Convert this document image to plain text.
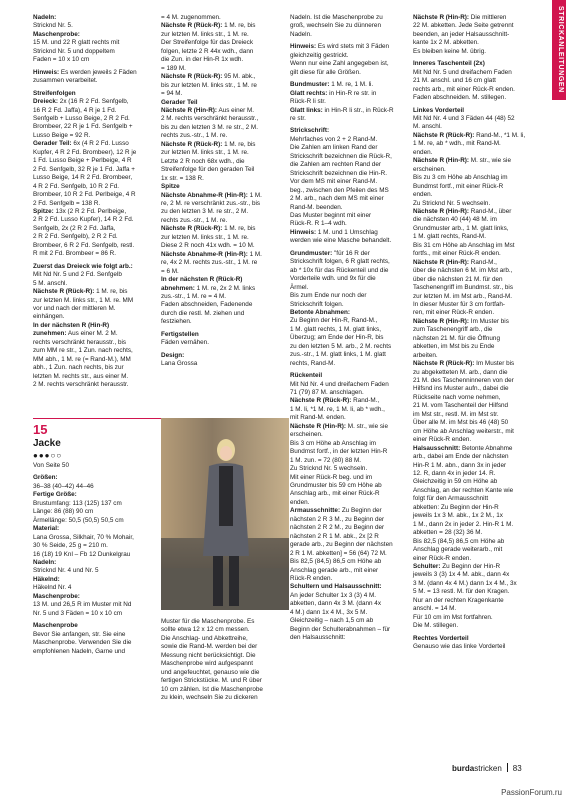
STRICKANLEITUNGEN

Nadeln:
Stricknd Nr. 5.
Maschenprobe:
15 M. und 22 R glatt rechts mit
Stricknd Nr. 5 und doppeltem
Faden = 10 x 10 cm

Hinweis: Es werden jeweils 2 Fäden
zusammen verarbeitet.

Streifenfolgen
Dreieck: 2x (16 R 2 Fd. Senfgelb,
16 R 2 Fd. Jaffa), 4 R je 1 Fd.
Senfgelb + Lusso Beige, 2 R 2 Fd.
Brombeer, 22 R je 1 Fd. Senfgelb +
Lusso Beige = 92 R.
Gerader Teil: 6x (4 R 2 Fd. Lusso
Kupfer, 4 R 2 Fd. Brombeer), 12 R je
1 Fd. Lusso Beige + Perlbeige, 4 R
2 Fd. Senfgelb, 32 R je 1 Fd. Jaffa +
Lusso Beige, 14 R 2 Fd. Brombeer,
4 R 2 Fd. Senfgelb, 10 R 2 Fd.
Brombeer, 10 R 2 Fd. Perlbeige, 4 R
2 Fd. Senfgelb = 138 R.
Spitze: 13x (2 R 2 Fd. Perlbeige,
2 R 2 Fd. Lusso Kupfer), 14 R 2 Fd.
Senfgelb, 2x (2 R 2 Fd. Jaffa,
2 R 2 Fd. Senfgelb), 2 R 2 Fd.
Brombeer, 6 R 2 Fd. Senfgelb, restl.
R mit 2 Fd. Brombeer = 86 R.

Zuerst das Dreieck wie folgt arb.:
Mit Nd Nr. 5 und 2 Fd. Senfgelb
5 M. anschl.
Nächste R (Rück-R): 1 M. re, bis
zur letzten M. links str., 1 M. re. MM
vor und nach der mittleren M.
einhängen.
In der nächsten R (Hin-R)
zunehmen: Aus einer M. 2 M.
rechts verschränkt herausstr., bis
zum MM re str., 1 Zun. nach rechts,
MM abh., 1 M. re (= Rand-M.), MM
abh., 1 Zun. nach rechts, bis zur
letzten M. rechts str., aus einer M.
2 M. rechts verschränkt herausstr.

15
Jacke
●●●○○
Von Seite 50

Größen:
36–38 (40–42) 44–46
Fertige Größe:
Brustumfang: 113 (125) 137 cm
Länge: 86 (88) 90 cm
Ärmellänge: 50,5 (50,5) 50,5 cm
Material:
Lana Grossa, Silkhair, 70 % Mohair,
30 % Seide, 25 g = 210 m.
16 (18) 19 Knl – Fb 12 Dunkelgrau
Nadeln:
Stricknd Nr. 4 und Nr. 5
Häkelnd:
Häkelnd Nr. 4
Maschenprobe:
13 M. und 26,5 R im Muster mit Nd
Nr. 5 und 3 Fäden = 10 x 10 cm

Maschenprobe
Bevor Sie anfangen, str. Sie eine
Maschenprobe. Verwenden Sie die
empfohlenen Nadeln, Garne und

= 4 M. zugenommen.
Nächste R (Rück-R): 1 M. re, bis
zur letzten M. links str., 1 M. re.
Der Streifenfolge für das Dreieck
folgen, letzte 2 R 44x wdh., dann
die Zun. in der Hin-R 1x wdh.
= 189 M.
Nächste R (Rück-R): 95 M. abk.,
bis zur letzten M. links str., 1 M. re
= 94 M.
Gerader Teil
Nächste R (Hin-R): Aus einer M.
2 M. rechts verschränkt herausstr.,
bis zu den letzten 3 M. re str., 2 M.
rechts zus.-str., 1 M. re.
Nächste R (Rück-R): 1 M. re, bis
zur letzten M. links str., 1 M. re.
Letzte 2 R noch 68x wdh., die
Streifenfolge für den geraden Teil
1x str. = 138 R.
Spitze
Nächste Abnahme-R (Hin-R): 1 M.
re, 2 M. re verschränkt zus.-str., bis
zu den letzten 3 M. re str., 2 M.
rechts zus.-str., 1 M. re.
Nächste R (Rück-R): 1 M. re, bis
zur letzten M. links str., 1 M. re.
Diese 2 R noch 41x wdh. = 10 M.
Nächste Abnahme-R (Hin-R): 1 M.
re, 4x 2 M. rechts zus.-str., 1 M. re
= 6 M.
In der nächsten R (Rück-R)
abnehmen: 1 M. re, 2x 2 M. links
zus.-str., 1 M. re = 4 M.
Faden abschneiden, Fadenende
durch die restl. M. ziehen und
festziehen.

Fertigstellen
Fäden vernähen.

Design:
Lana Grossa

Muster für die Maschenprobe. Es
sollte etwa 12 x 12 cm messen.
Die Anschlag- und Abkettreihe,
sowie die Rand-M. werden bei der
Messung nicht berücksichtigt. Die
Maschenprobe wird aufgespannt
und angefeuchtet, genauso wie die
fertigen Strickstücke. M. und R über
10 cm zählen. Ist die Maschenprobe
zu klein, wechseln Sie zu dickeren

Nadeln. Ist die Maschenprobe zu
groß, wechseln Sie zu dünneren
Nadeln.

Hinweis: Es wird stets mit 3 Fäden
gleichzeitig gestrickt.
Wenn nur eine Zahl angegeben ist,
gilt diese für alle Größen.

Bundmuster: 1 M. re, 1 M. li.
Glatt rechts: in Hin-R re str. in
Rück-R li str.
Glatt links: in Hin-R li str., in Rück-R
re str.

Strickschrift:
Mehrfaches von 2 + 2 Rand-M.
Die Zahlen am linken Rand der
Strickschrift bezeichnen die Rück-R,
die Zahlen am rechten Rand der
Strickschrift bezeichnen die Hin-R.
Vor dem MS mit einer Rand-M.
beg., zwischen den Pfeilen des MS
2 M. arb., nach dem MS mit einer
Rand-M. beenden.
Das Muster beginnt mit einer
Rück-R. R 1–4 wdh.
Hinweis: 1 M. und 1 Umschlag
werden wie eine Masche behandelt.

Grundmuster: "für 16 R der
Strickschrift folgen, 6 R glatt rechts,
ab * 10x für das Rückenteil und die
Vorderteile wdh. und 9x für die
Ärmel.
Bis zum Ende nur noch der
Strickschrift folgen.
Betonte Abnahmen:
Zu Beginn der Hin-R, Rand-M.,
1 M. glatt rechts, 1 M. glatt links,
Überzug; am Ende der Hin-R, bis
zu den letzten 5 M. arb., 2 M. rechts
zus.-str., 1 M. glatt links, 1 M. glatt
rechts, Rand-M.

Rückenteil
Mit Nd Nr. 4 und dreifachem Faden
71 (79) 87 M. anschlagen.
Nächste R (Rück-R): Rand-M.,
1 M. li, *1 M. re, 1 M. li, ab * wdh.,
mit Rand-M. enden.
Nächste R (Hin-R): M. str., wie sie
erscheinen.
Bis 3 cm Höhe ab Anschlag im
Bundmst fortf., in der letzten Hin-R
1 M. zun. = 72 (80) 88 M.
Zu Stricknd Nr. 5 wechseln.
Mit einer Rück-R beg. und im
Grundmuster bis 59 cm Höhe ab
Anschlag arb., mit einer Rück-R
enden.
Armausschnitte: Zu Beginn der
nächsten 2 R 3 M., zu Beginn der
nächsten 2 R 2 M., zu Beginn der
nächsten 2 R 1 M. abk., 2x [2 R
gerade arb., zu Beginn der nächsten
2 R 1 M. abketten] = 56 (64) 72 M.
Bis 82,5 (84,5) 86,5 cm Höhe ab
Anschlag gerade arb., mit einer
Rück-R enden.
Schultern und Halsausschnitt:
An jeder Schulter 1x 3 (3) 4 M.
abketten, dann 4x 3 M. (dann 4x
4 M.) dann 1x 4 M., 3x 5 M.
Gleichzeitig – nach 1,5 cm ab
Beginn der Schulterabnahmen – für
den Halsausschnitt:

Nächste R (Hin-R): Die mittleren
22 M. abketten. Jede Seite getrennt
beenden, an jeder Halsausschnitt-
kante 1x 2 M. abketten.
Es bleiben keine M. übrig.

Inneres Taschenteil (2x)
Mit Nd Nr. 5 und dreifachem Faden
21 M. anschl. und 16 cm glatt
rechts arb., mit einer Rück-R enden.
Faden abschneiden. M. stillegen.

Linkes Vorderteil
Mit Nd Nr. 4 und 3 Fäden 44 (48) 52
M. anschl.
Nächste R (Rück-R): Rand-M., *1 M. li,
1 M. re, ab * wdh., mit Rand-M.
enden.
Nächste R (Hin-R): M. str., wie sie
erscheinen.
Bis zu 3 cm Höhe ab Anschlag im
Bundmst fortf., mit einer Rück-R
enden.
Zu Stricknd Nr. 5 wechseln.
Nächste R (Hin-R): Rand-M., über
die nächsten 40 (44) 48 M. im
Grundmuster arb., 1 M. glatt links,
1 M. glatt rechts, Rand-M.
Bis 31 cm Höhe ab Anschlag im Mst
fortfs., mit einer Rück-R enden.
Nächste R (Hin-R): Rand-M.,
über die nächsten 6 M. im Mst arb.,
über die nächsten 21 M. für den
Taschenengriff im Bundmst. str., bis
zur letzten M. im Mst arb., Rand-M.
In dieser Muster für 3 cm fortfah-
ren, mit einer Rück-R enden.
Nächste R (Hin-R): Im Muster bis
zum Taschenengriff arb., die
nächsten 21 M. für die Öffnung
abketten, im Mst bis zu Ende
arbeiten.
Nächste R (Rück-R): Im Muster bis
zu abgeketteten M. arb., dann die
21 M. des Taschenninneren von der
Hilfsnd ins Muster aufn., dabei die
Rückseite nach vorne nehmen,
21 M. vom Taschenteil der Hilfsnd
im Mst str., restl. M. im Mst str.
Über alle M. im Mst bis 46 (48) 50
cm Höhe ab Anschlag weiterstr., mit
einer Rück-R enden.
Halsausschnitt: Betonte Abnahme
arb., dabei am Ende der nächsten
Hin-R 1 M. abn., dann 3x in jeder
12. R, dann 4x in jeder 14. R.
Gleichzeitig in 59 cm Höhe ab
Anschlag, an der rechten Kante wie
folgt für den Armausschnitt
abketten: Zu Beginn der Hin-R
jeweils 1x 3 M. abk., 1x 2 M., 1x
1 M., dann 2x in jeder 2. Hin-R 1 M.
abketten = 28 (32) 36 M.
Bis 82,5 (84,5) 86,5 cm Höhe ab
Anschlag gerade weiterarb., mit
einer Rück-R enden.
Schulter: Zu Beginn der Hin-R
jeweils 3 (3) 1x 4 M. abk., dann 4x
3 M. (dann 4x 4 M.) dann 1x 4 M., 3x
5 M. = 13 restl. M. für den Kragen.
Nur an der rechten Kragenkante
anschl. = 14 M.
Für 10 cm im Mst fortfahren.
Die M. stillegen.

Rechtes Vorderteil
Genauso wie das linke Vorderteil

burdastricken 83
PassionForum.ru
